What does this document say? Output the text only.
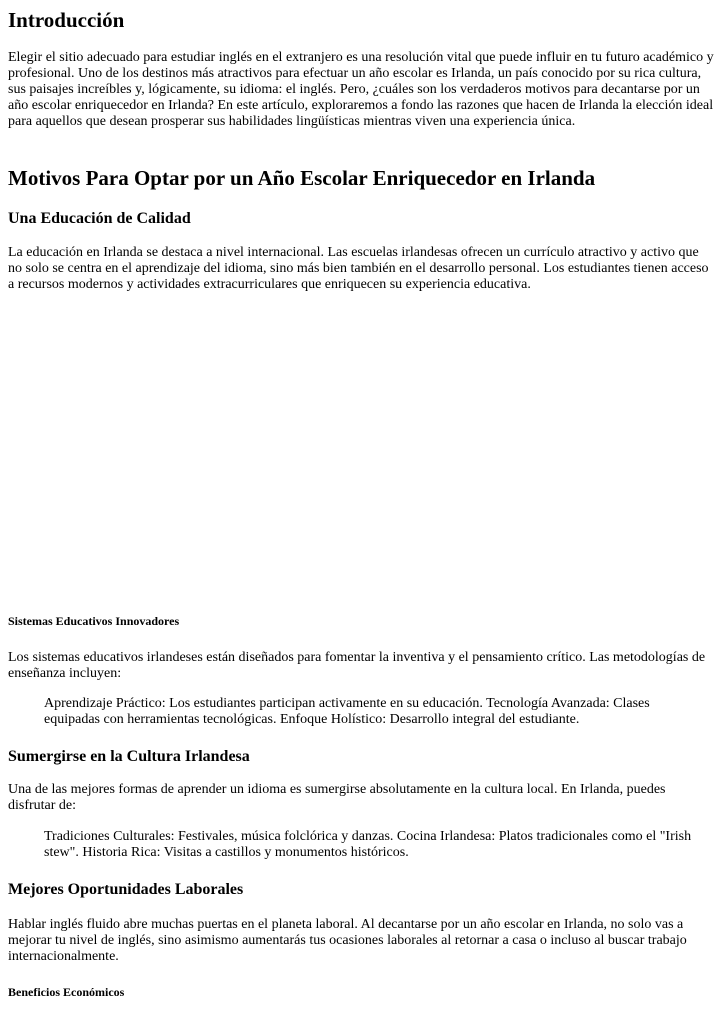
Introducción

Elegir el sitio adecuado para estudiar inglés en el extranjero es una resolución vital que puede influir en tu futuro académico y profesional. Uno de los destinos más atractivos para efectuar un año escolar es Irlanda, un país conocido por su rica cultura, sus paisajes increíbles y, lógicamente, su idioma: el inglés. Pero, ¿cuáles son los verdaderos motivos para decantarse por un año escolar enriquecedor en Irlanda? En este artículo, exploraremos a fondo las razones que hacen de Irlanda la elección ideal para aquellos que desean prosperar sus habilidades lingüísticas mientras viven una experiencia única.

Motivos Para Optar por un Año Escolar Enriquecedor en Irlanda
Una Educación de Calidad

La educación en Irlanda se destaca a nivel internacional. Las escuelas irlandesas ofrecen un currículo atractivo y activo que no solo se centra en el aprendizaje del idioma, sino más bien también en el desarrollo personal. Los estudiantes tienen acceso a recursos modernos y actividades extracurriculares que enriquecen su experiencia educativa.

Sistemas Educativos Innovadores

Los sistemas educativos irlandeses están diseñados para fomentar la inventiva y el pensamiento crítico. Las metodologías de enseñanza incluyen:

Aprendizaje Práctico: Los estudiantes participan activamente en su educación. Tecnología Avanzada: Clases equipadas con herramientas tecnológicas. Enfoque Holístico: Desarrollo integral del estudiante.
Sumergirse en la Cultura Irlandesa

Una de las mejores formas de aprender un idioma es sumergirse absolutamente en la cultura local. En Irlanda, puedes disfrutar de:

Tradiciones Culturales: Festivales, música folclórica y danzas. Cocina Irlandesa: Platos tradicionales como el "Irish stew". Historia Rica: Visitas a castillos y monumentos históricos.
Mejores Oportunidades Laborales

Hablar inglés fluido abre muchas puertas en el planeta laboral. Al decantarse por un año escolar en Irlanda, no solo vas a mejorar tu nivel de inglés, sino asimismo aumentarás tus ocasiones laborales al retornar a casa o incluso al buscar trabajo internacionalmente.

Beneficios Económicos
